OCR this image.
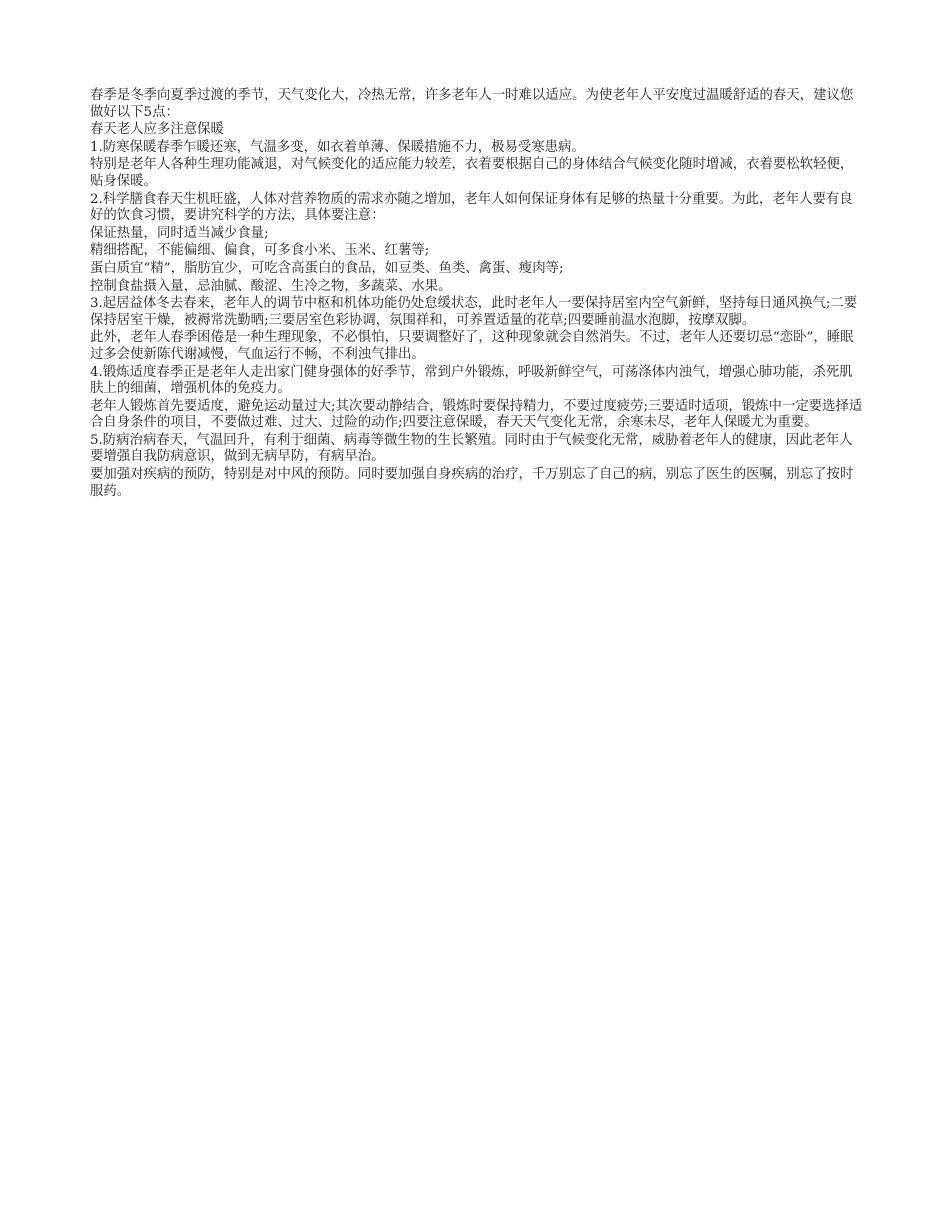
春季是冬季向夏季过渡的季节，天气变化大，冷热无常，许多老年人一时难以适应。为使老年人平安度过温暖舒适的春天，建议您做好以下5点：

春天老人应多注意保暖

1.防寒保暖春季乍暖还寒，气温多变，如衣着单薄、保暖措施不力，极易受寒患病。

特别是老年人各种生理功能减退，对气候变化的适应能力较差，衣着要根据自己的身体结合气候变化随时增减，衣着要松软轻便，贴身保暖。

2.科学膳食春天生机旺盛，人体对营养物质的需求亦随之增加，老年人如何保证身体有足够的热量十分重要。为此，老年人要有良好的饮食习惯，要讲究科学的方法，具体要注意：

保证热量，同时适当减少食量;

精细搭配，不能偏细、偏食，可多食小米、玉米、红薯等;

蛋白质宜“精”，脂肪宜少，可吃含高蛋白的食品，如豆类、鱼类、禽蛋、瘦肉等;

控制食盐摄入量，忌油腻、酸涩、生冷之物，多蔬菜、水果。

3.起居益体冬去春来，老年人的调节中枢和机体功能仍处怠缓状态，此时老年人一要保持居室内空气新鲜，坚持每日通风换气;二要保持居室干燥，被褥常洗勤晒;三要居室色彩协调，氛围祥和，可养置适量的花草;四要睡前温水泡脚，按摩双脚。

此外，老年人春季困倦是一种生理现象，不必惧怕，只要调整好了，这种现象就会自然消失。不过，老年人还要切忌“恋卧”，睡眠过多会使新陈代谢减慢，气血运行不畅，不利浊气排出。

4.锻炼适度春季正是老年人走出家门健身强体的好季节，常到户外锻炼，呼吸新鲜空气，可荡涤体内浊气，增强心肺功能，杀死肌肤上的细菌，增强机体的免疫力。

老年人锻炼首先要适度，避免运动量过大;其次要动静结合，锻炼时要保持精力，不要过度疲劳;三要适时适项，锻炼中一定要选择适合自身条件的项目，不要做过难、过大、过险的动作;四要注意保暖，春天天气变化无常，余寒未尽，老年人保暖尤为重要。

5.防病治病春天，气温回升，有利于细菌、病毒等微生物的生长繁殖。同时由于气候变化无常，威胁着老年人的健康，因此老年人要增强自我防病意识，做到无病早防，有病早治。

要加强对疾病的预防，特别是对中风的预防。同时要加强自身疾病的治疗，千万别忘了自己的病，别忘了医生的医嘱，别忘了按时服药。
